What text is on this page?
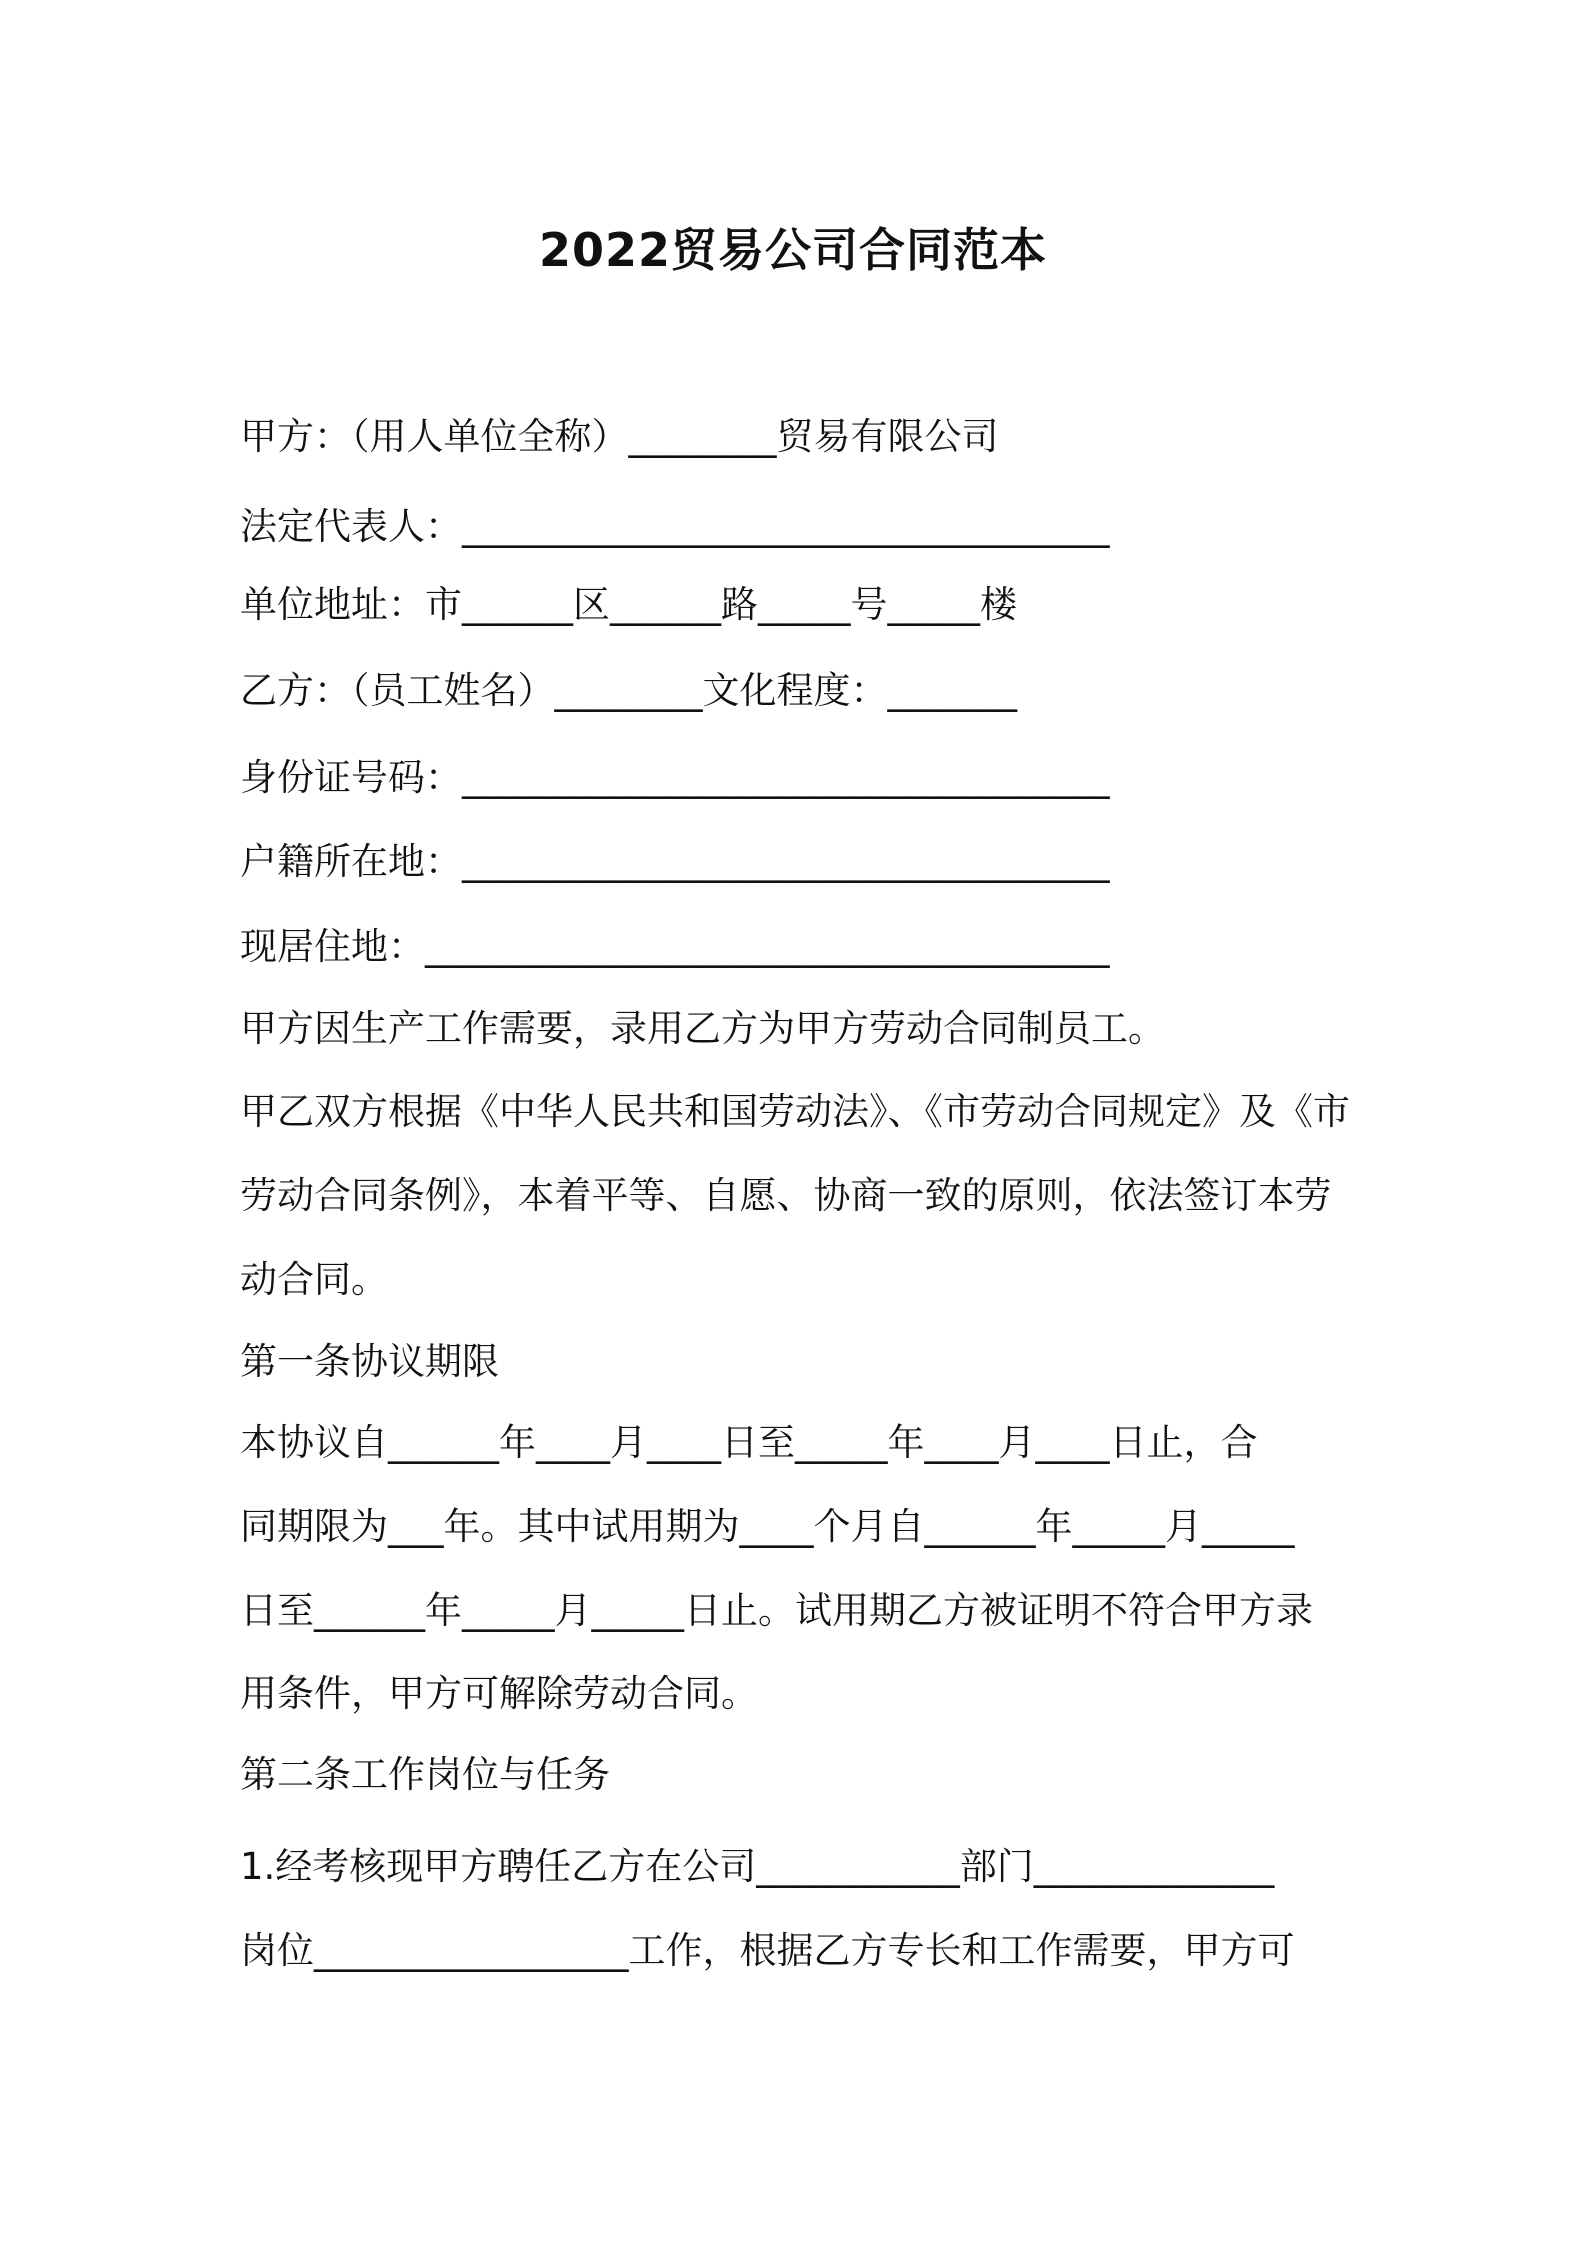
2022贸易公司合同范本

甲方：（用人单位全称）________贸易有限公司

法定代表人：___________________________________

单位地址：市______区______路_____号_____楼

乙方：（员工姓名）________文化程度：_______

身份证号码：___________________________________

户籍所在地：___________________________________

现居住地：_____________________________________

甲方因生产工作需要，录用乙方为甲方劳动合同制员工。

甲乙双方根据《中华人民共和国劳动法》、《市劳动合同规定》及《市

劳动合同条例》，本着平等、自愿、协商一致的原则，依法签订本劳

动合同。

第一条协议期限

本协议自______年____月____日至_____年____月____日止，合

同期限为___年。其中试用期为____个月自______年_____月_____

日至______年_____月_____日止。试用期乙方被证明不符合甲方录

用条件，甲方可解除劳动合同。

第二条工作岗位与任务

1.经考核现甲方聘任乙方在公司___________部门_____________

岗位_________________工作，根据乙方专长和工作需要，甲方可
